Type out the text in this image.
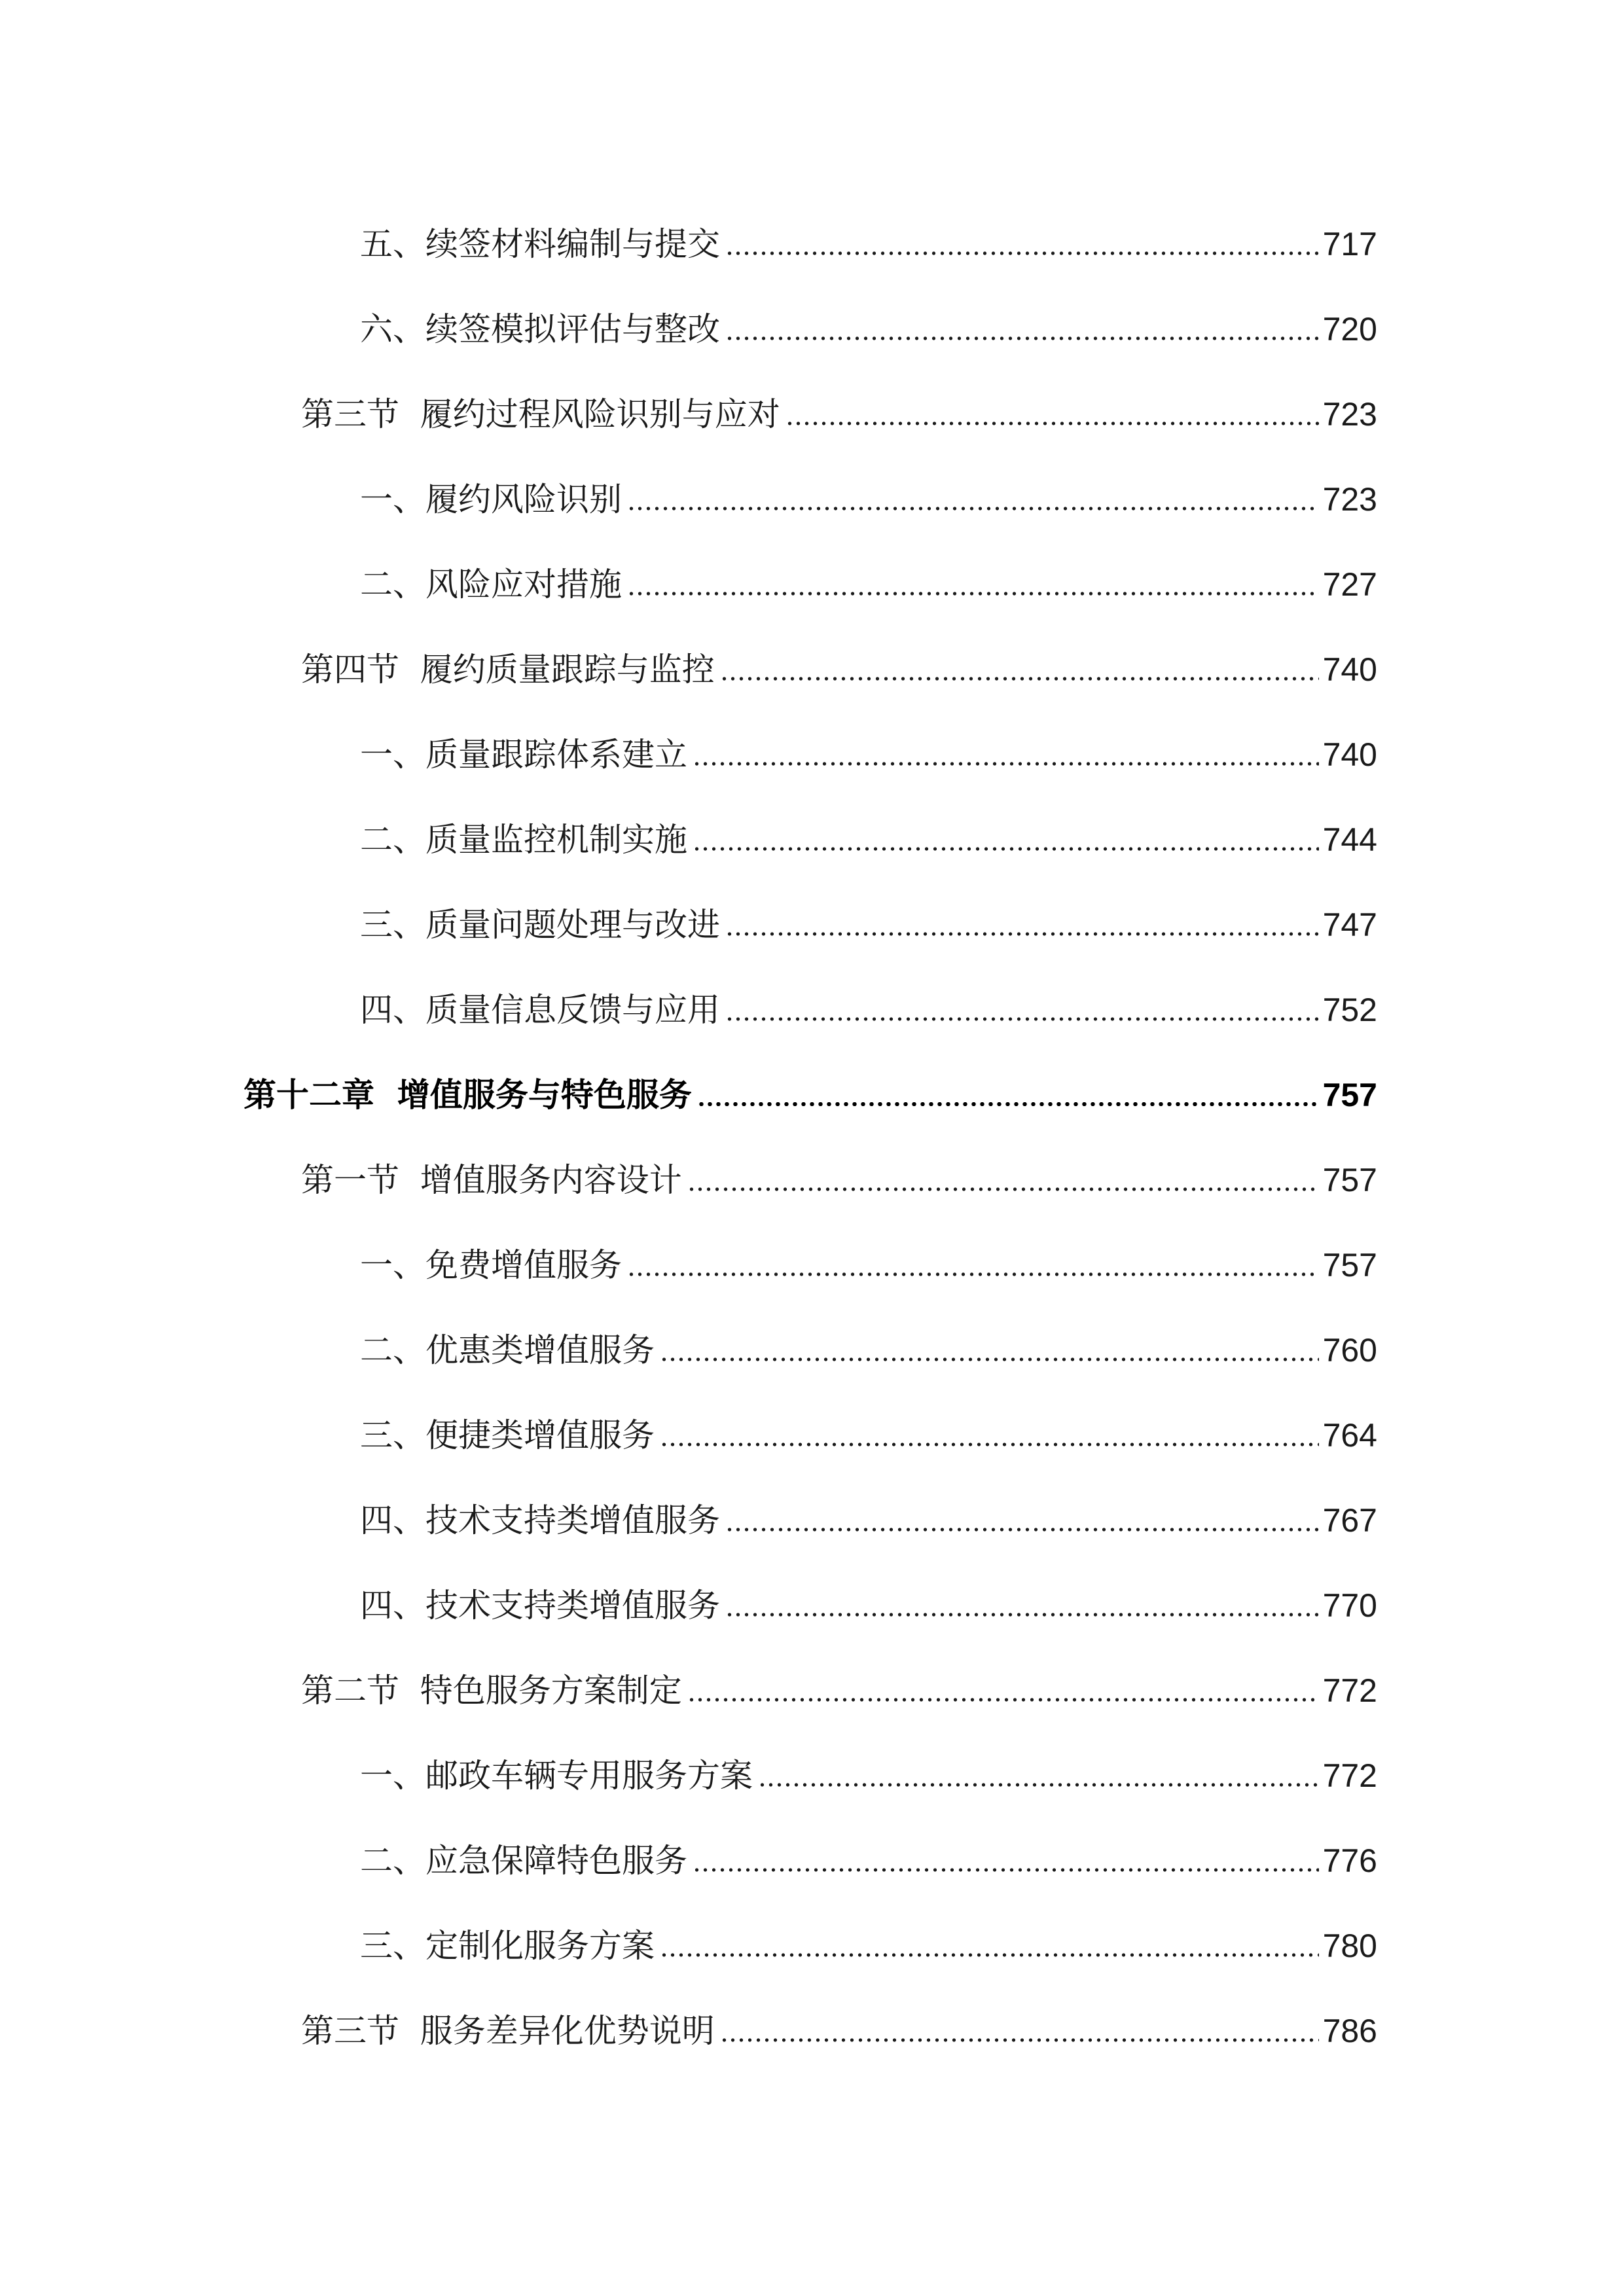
五、续签材料编制与提交	717
六、续签模拟评估与整改	720
第三节  履约过程风险识别与应对	723
一、履约风险识别	723
二、风险应对措施	727
第四节  履约质量跟踪与监控	740
一、质量跟踪体系建立	740
二、质量监控机制实施	744
三、质量问题处理与改进	747
四、质量信息反馈与应用	752
第十二章  增值服务与特色服务	757
第一节  增值服务内容设计	757
一、免费增值服务	757
二、优惠类增值服务	760
三、便捷类增值服务	764
四、技术支持类增值服务	767
四、技术支持类增值服务	770
第二节  特色服务方案制定	772
一、邮政车辆专用服务方案	772
二、应急保障特色服务	776
三、定制化服务方案	780
第三节  服务差异化优势说明	786
